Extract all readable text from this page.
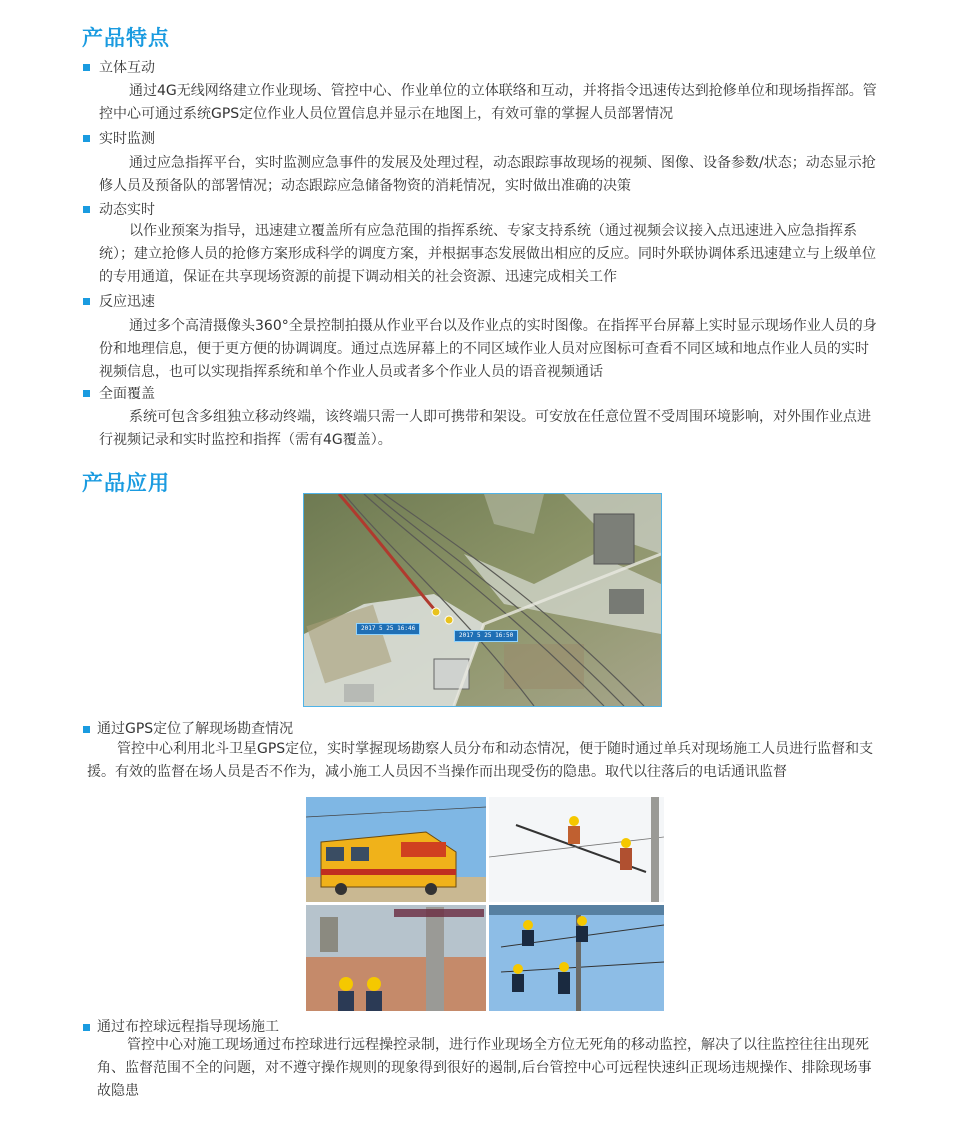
产品特点
立体互动

通过4G无线网络建立作业现场、管控中心、作业单位的立体联络和互动，并将指令迅速传达到抢修单位和现场指挥部。管控中心可通过系统GPS定位作业人员位置信息并显示在地图上，有效可靠的掌握人员部署情况

实时监测

通过应急指挥平台，实时监测应急事件的发展及处理过程，动态跟踪事故现场的视频、图像、设备参数/状态；动态显示抢修人员及预备队的部署情况；动态跟踪应急储备物资的消耗情况，实时做出准确的决策

动态实时

以作业预案为指导，迅速建立覆盖所有应急范围的指挥系统、专家支持系统（通过视频会议接入点迅速进入应急指挥系统）；建立抢修人员的抢修方案形成科学的调度方案，并根据事态发展做出相应的反应。同时外联协调体系迅速建立与上级单位的专用通道，保证在共享现场资源的前提下调动相关的社会资源、迅速完成相关工作

反应迅速

通过多个高清摄像头360°全景控制拍摄从作业平台以及作业点的实时图像。在指挥平台屏幕上实时显示现场作业人员的身份和地理信息，便于更方便的协调调度。通过点选屏幕上的不同区域作业人员对应图标可查看不同区域和地点作业人员的实时视频信息，也可以实现指挥系统和单个作业人员或者多个作业人员的语音视频通话

全面覆盖

系统可包含多组独立移动终端，该终端只需一人即可携带和架设。可安放在任意位置不受周围环境影响，对外围作业点进行视频记录和实时监控和指挥（需有4G覆盖）。

产品应用
2017 5 25 16:46
2017 5 25 16:50
通过GPS定位了解现场勘查情况

管控中心利用北斗卫星GPS定位，实时掌握现场勘察人员分布和动态情况，便于随时通过单兵对现场施工人员进行监督和支援。有效的监督在场人员是否不作为，减小施工人员因不当操作而出现受伤的隐患。取代以往落后的电话通讯监督

通过布控球远程指导现场施工

管控中心对施工现场通过布控球进行远程操控录制，进行作业现场全方位无死角的移动监控，解决了以往监控往往出现死角、监督范围不全的问题，对不遵守操作规则的现象得到很好的遏制,后台管控中心可远程快速纠正现场违规操作、排除现场事故隐患
